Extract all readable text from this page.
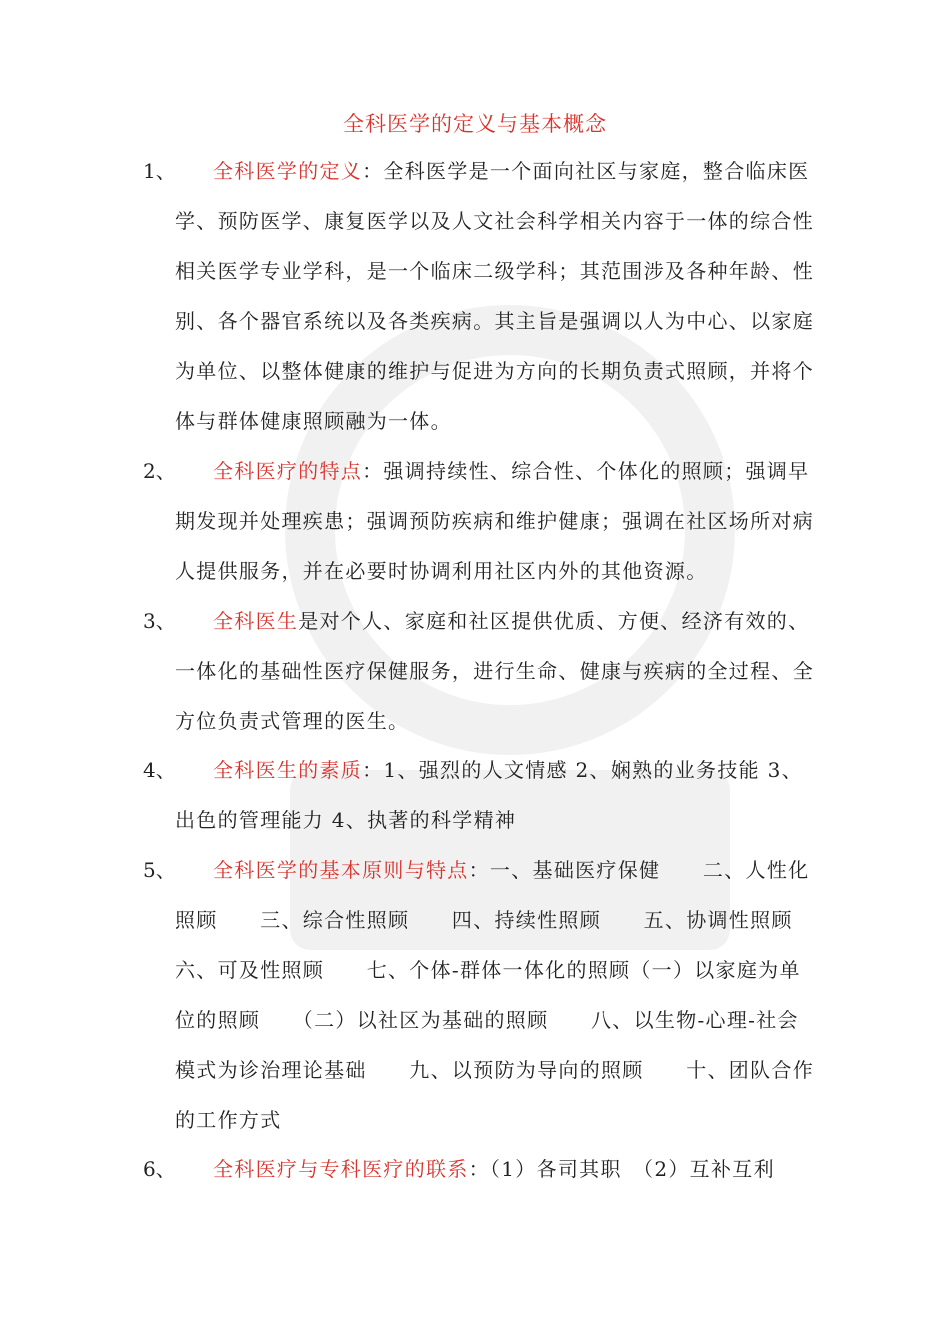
全科医学的定义与基本概念
1、	全科医学的定义：全科医学是一个面向社区与家庭，整合临床医学、预防医学、康复医学以及人文社会科学相关内容于一体的综合性相关医学专业学科，是一个临床二级学科；其范围涉及各种年龄、性别、各个器官系统以及各类疾病。其主旨是强调以人为中心、以家庭为单位、以整体健康的维护与促进为方向的长期负责式照顾，并将个体与群体健康照顾融为一体。
2、	全科医疗的特点：强调持续性、综合性、个体化的照顾；强调早期发现并处理疾患；强调预防疾病和维护健康；强调在社区场所对病人提供服务，并在必要时协调利用社区内外的其他资源。
3、	全科医生是对个人、家庭和社区提供优质、方便、经济有效的、一体化的基础性医疗保健服务，进行生命、健康与疾病的全过程、全方位负责式管理的医生。
4、	全科医生的素质：1、强烈的人文情感 2、娴熟的业务技能 3、出色的管理能力 4、执著的科学精神
5、	全科医学的基本原则与特点：一、基础医疗保健　　二、人性化照顾　　三、综合性照顾　　四、持续性照顾　　五、协调性照顾　　六、可及性照顾　　七、个体-群体一体化的照顾（一）以家庭为单位的照顾　　（二）以社区为基础的照顾　　八、以生物-心理-社会模式为诊治理论基础　　九、以预防为导向的照顾　　十、团队合作的工作方式
6、	全科医疗与专科医疗的联系：（1）各司其职　（2）互补互利
